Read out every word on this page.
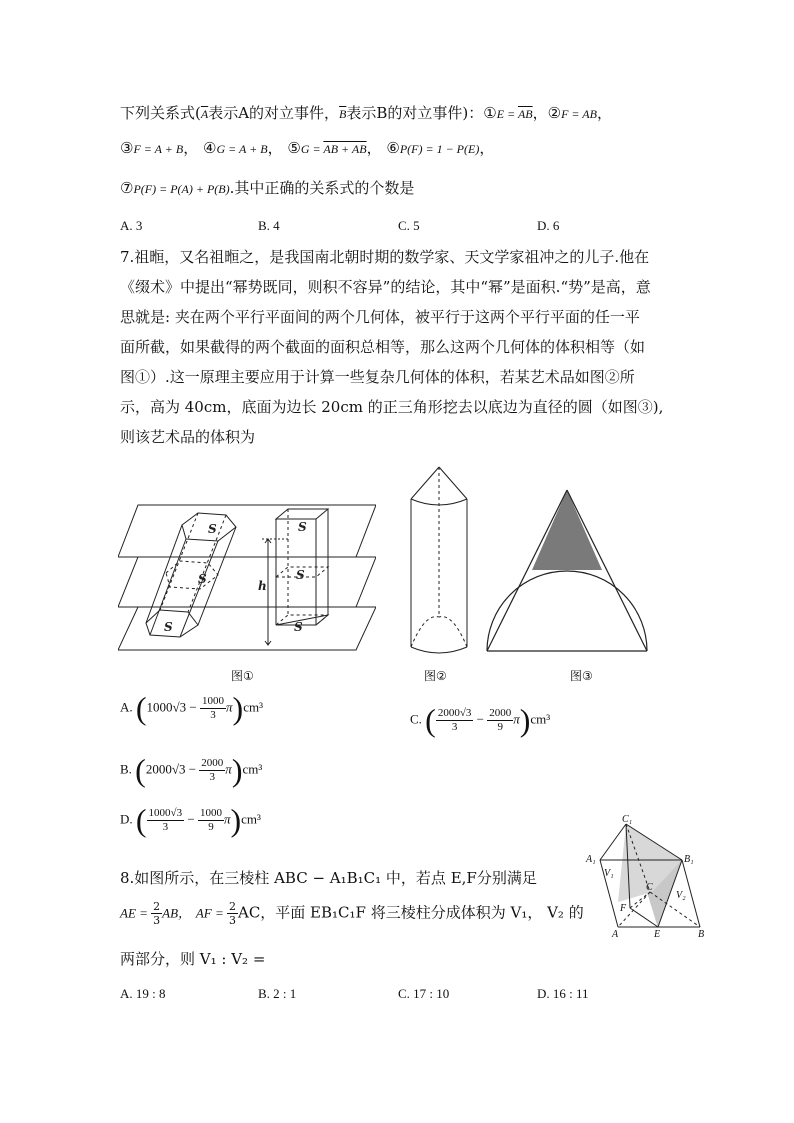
下列关系式($\overline{A}$表示A的对立事件，$\overline{B}$表示B的对立事件)：①E = $\overline{AB}$，②F = AB，
③F = A + B， ④G = A + B， ⑤G = AB + AB， ⑥P(F) = 1 − P(E)，
⑦P(F) = P(A) + P(B).其中正确的关系式的个数是
A. 3	B. 4	C. 5	D. 6
7.祖暅，又名祖暅之，是我国南北朝时期的数学家、天文学家祖冲之的儿子.他在
《缀术》中提出“幂势既同，则积不容异”的结论，其中“幂”是面积.“势”是高，意
思就是: 夹在两个平行平面间的两个几何体，被平行于这两个平行平面的任一平
面所截，如果截得的两个截面的面积总相等，那么这两个几何体的体积相等（如
图①）.这一原理主要应用于计算一些复杂几何体的体积，若某艺术品如图②所
示，高为 40cm，底面为边长 20cm 的正三角形挖去以底边为直径的圆（如图③),
则该艺术品的体积为
S
S
S
S
S
S
h
图①	图②	图③
A. $(1000√3 - \frac{1000}{3} \pi)cm^3$
C. ( $\frac{2000√3}{3} - \frac{2000}{9} \pi)cm^3$
B. $(2000√3 - \frac{2000}{3} \pi)cm^3$
D. ( $\frac{1000√3}{3} - \frac{1000}{9} \pi)cm^3$
8.如图所示，在三棱柱 ABC − A₁B₁C₁ 中，若点 E,F分别满足
AE = $\frac{2}{3}$ AB， AF = $\frac{2}{3}$ AC，平面 EB₁C₁F 将三棱柱分成体积为 V₁， V₂ 的
两部分，则 V₁ : V₂ =
A. 19 : 8	B. 2 : 1	C. 17 : 10	D. 16 : 11
C₁
A₁	B₁
V₁
V₂
C
F
A	E	B
